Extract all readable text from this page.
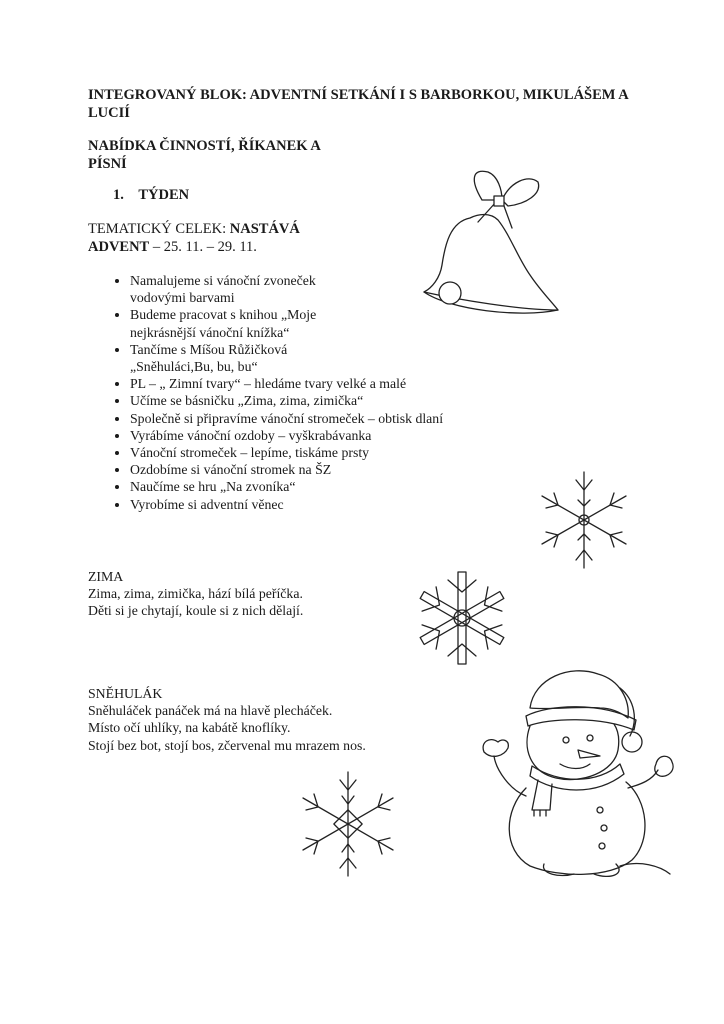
INTEGROVANÝ BLOK: ADVENTNÍ SETKÁNÍ I S BARBORKOU, MIKULÁŠEM A LUCIÍ
NABÍDKA ČINNOSTÍ, ŘÍKANEK A
PÍSNÍ
1. TÝDEN
TEMATICKÝ CELEK: NASTÁVÁ
ADVENT – 25. 11. – 29. 11.
• Namalujeme si vánoční zvoneček
vodovými barvami
• Budeme pracovat s knihou „Moje
nejkrásnější vánoční knížka“
• Tančíme s Míšou Růžičková
„Sněhuláci,Bu, bu, bu“
• PL – „ Zimní tvary“ – hledáme tvary velké a malé
• Učíme se básničku „Zima, zima, zimička“
• Společně si připravíme vánoční stromeček – obtisk dlaní
• Vyrábíme vánoční ozdoby – vyškrabávanka
• Vánoční stromeček – lepíme, tiskáme prsty
• Ozdobíme si vánoční stromek na ŠZ
• Naučíme se hru „Na zvoníka“
• Vyrobíme si adventní věnec
ZIMA
Zima, zima, zimička, hází bílá peříčka.
Děti si je chytají, koule si z nich dělají.
SNĚHULÁK
Sněhuláček panáček má na hlavě plecháček.
Místo očí uhlíky, na kabátě knoflíky.
Stojí bez bot, stojí bos, zčervenal mu mrazem nos.
